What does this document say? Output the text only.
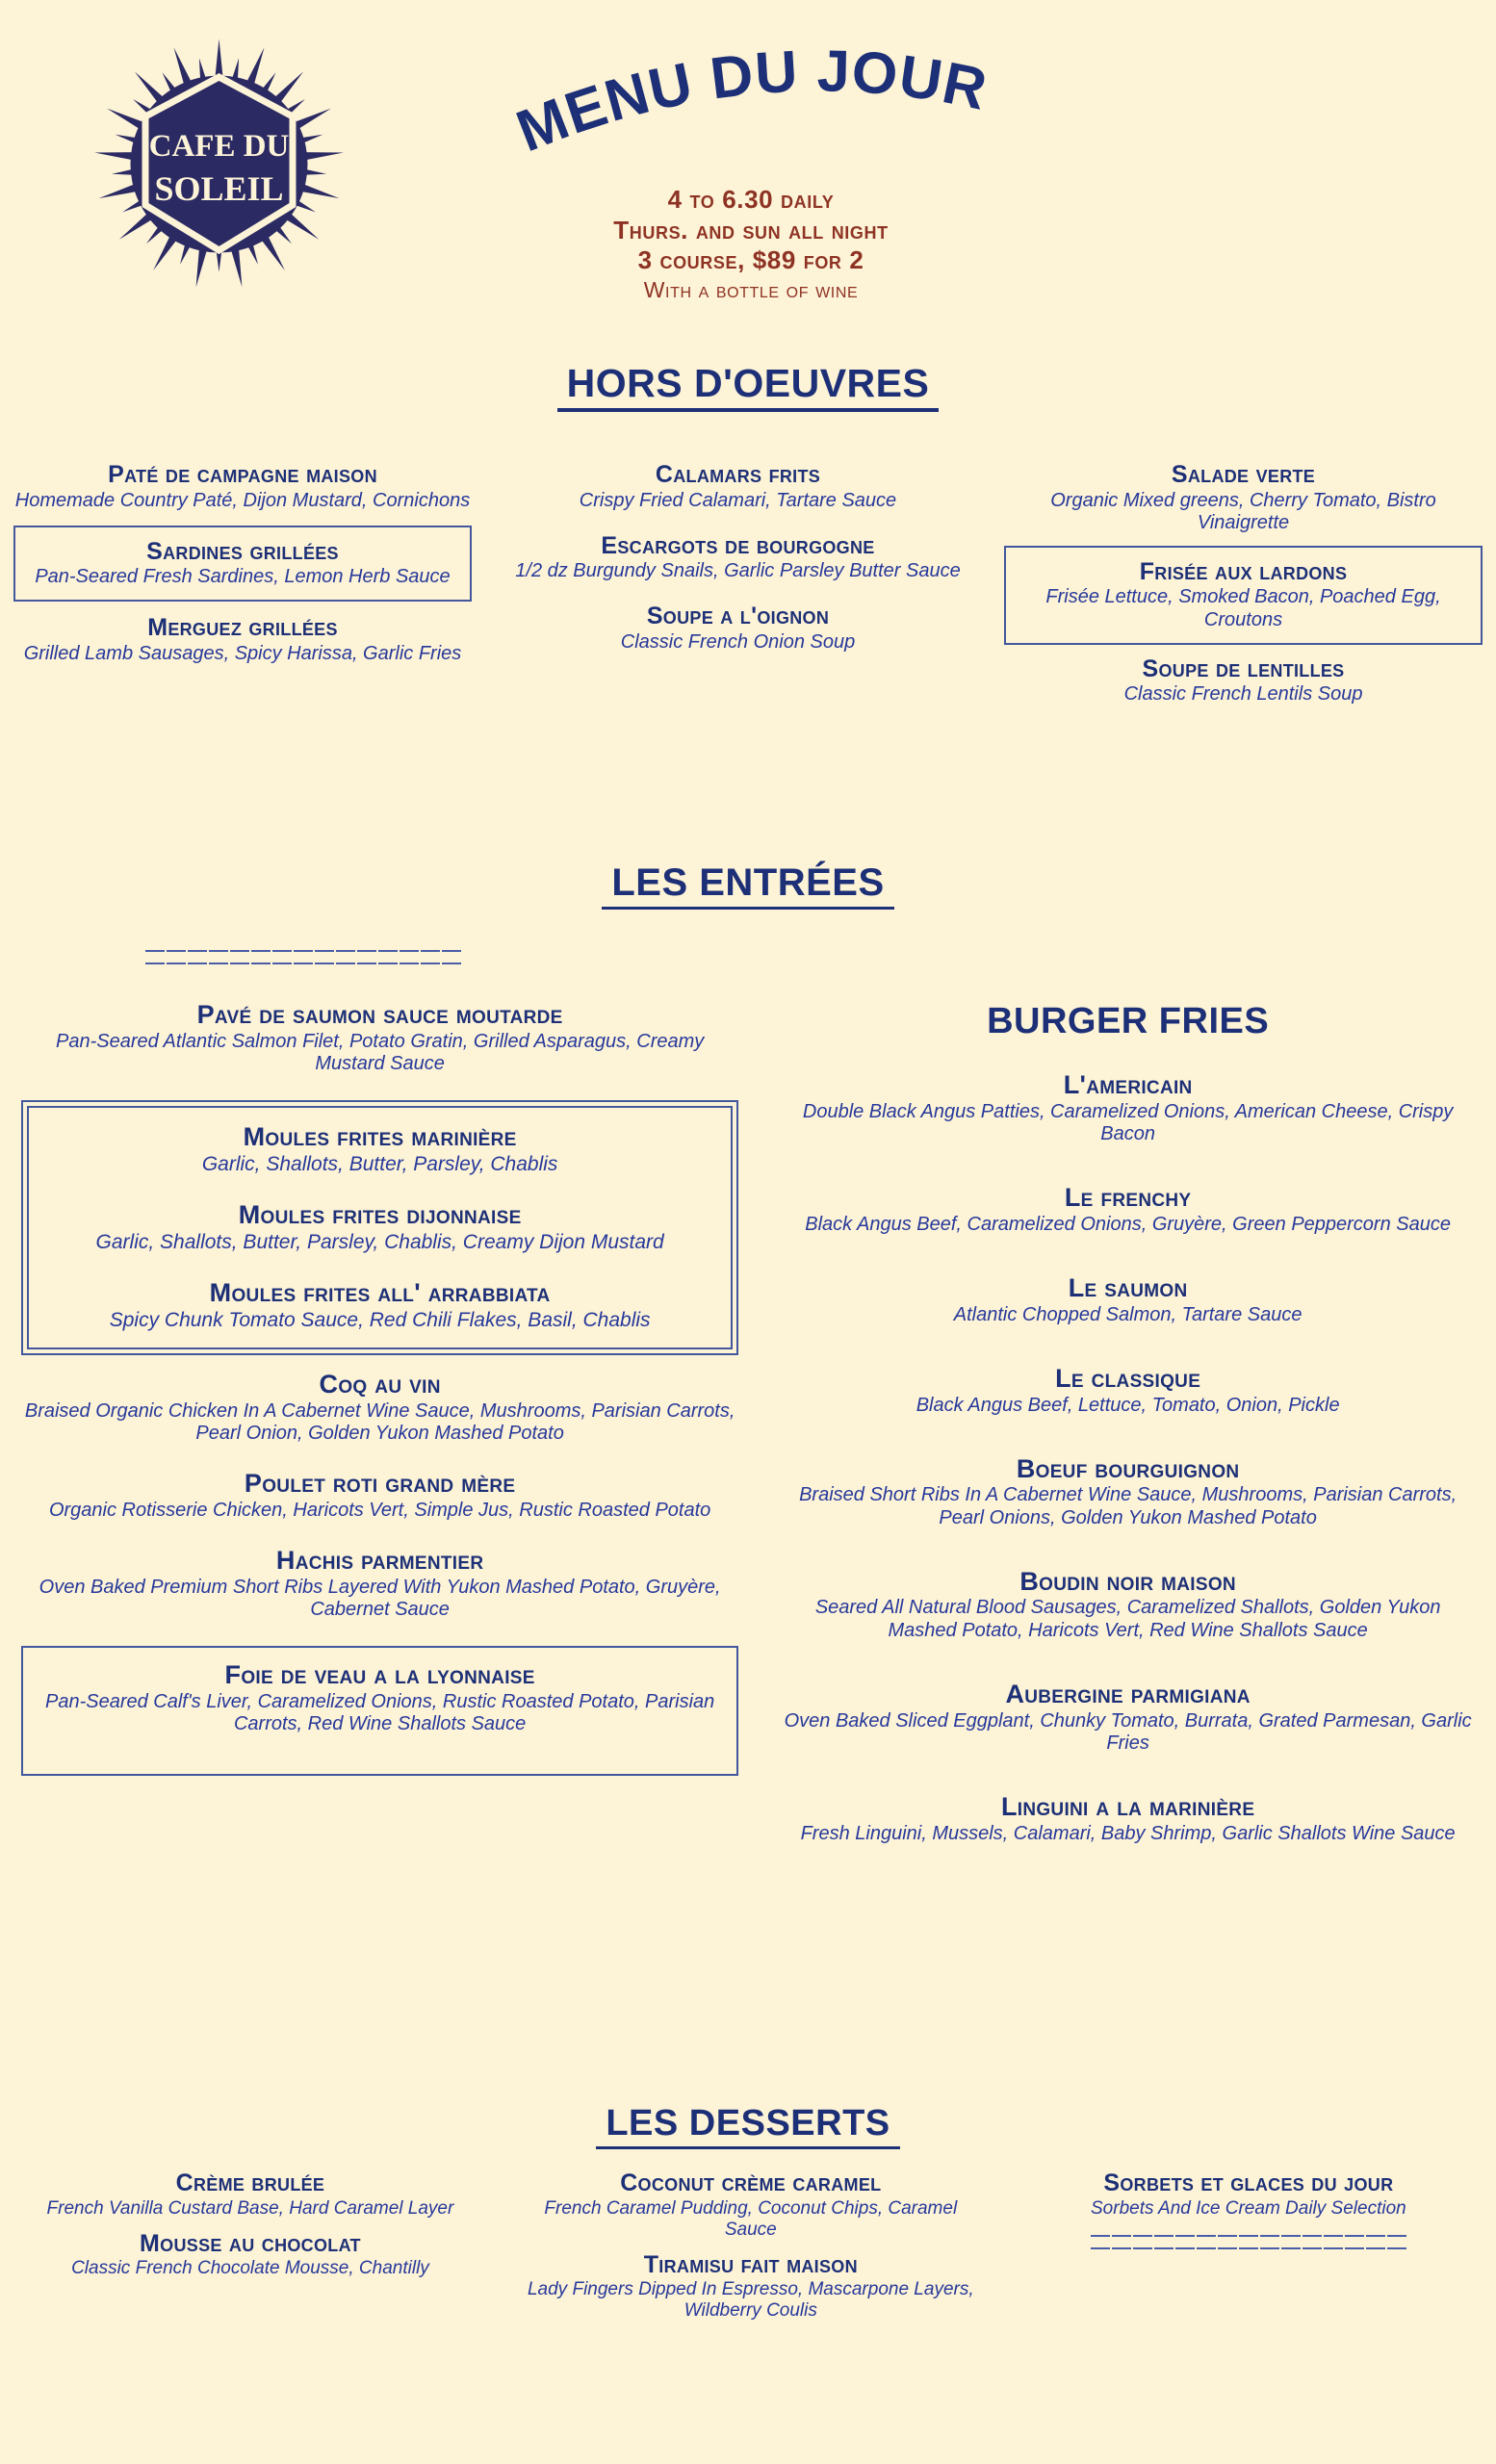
CAFE DU
SOLEIL
MENU DU JOUR
4 to 6.30 daily
Thurs. and sun all night
3 course, $89 for 2
With a bottle of wine
HORS D'OEUVRES
Paté de campagne maison
Homemade Country Paté, Dijon Mustard, Cornichons
Sardines grillées
Pan-Seared Fresh Sardines, Lemon Herb Sauce
Merguez grillées
Grilled Lamb Sausages, Spicy Harissa, Garlic Fries
Calamars frits
Crispy Fried Calamari, Tartare Sauce
Escargots de bourgogne
1/2 dz Burgundy Snails, Garlic Parsley Butter Sauce
Soupe a l'oignon
Classic French Onion Soup
Salade verte
Organic Mixed greens, Cherry Tomato, Bistro Vinaigrette
Frisée aux lardons
Frisée Lettuce, Smoked Bacon, Poached Egg, Croutons
Soupe de lentilles
Classic French Lentils Soup
LES ENTRÉES
Pavé de saumon sauce moutarde
Pan-Seared Atlantic Salmon Filet, Potato Gratin, Grilled Asparagus, Creamy Mustard Sauce
Moules frites marinière
Garlic, Shallots, Butter, Parsley, Chablis
Moules frites dijonnaise
Garlic, Shallots, Butter, Parsley, Chablis, Creamy Dijon Mustard
Moules frites all' arrabbiata
Spicy Chunk Tomato Sauce, Red Chili Flakes, Basil, Chablis
Coq au vin
Braised Organic Chicken In A Cabernet Wine Sauce, Mushrooms, Parisian Carrots, Pearl Onion, Golden Yukon Mashed Potato
Poulet roti grand mère
Organic Rotisserie Chicken, Haricots Vert, Simple Jus, Rustic Roasted Potato
Hachis parmentier
Oven Baked Premium Short Ribs Layered With Yukon Mashed Potato, Gruyère, Cabernet Sauce
Foie de veau a la lyonnaise
Pan-Seared Calf's Liver, Caramelized Onions, Rustic Roasted Potato, Parisian Carrots, Red Wine Shallots Sauce
BURGER FRIES
L'americain
Double Black Angus Patties, Caramelized Onions, American Cheese, Crispy Bacon
Le frenchy
Black Angus Beef, Caramelized Onions, Gruyère, Green Peppercorn Sauce
Le saumon
Atlantic Chopped Salmon, Tartare Sauce
Le classique
Black Angus Beef, Lettuce, Tomato, Onion, Pickle
Boeuf bourguignon
Braised Short Ribs In A Cabernet Wine Sauce, Mushrooms, Parisian Carrots, Pearl Onions, Golden Yukon Mashed Potato
Boudin noir maison
Seared All Natural Blood Sausages, Caramelized Shallots, Golden Yukon Mashed Potato, Haricots Vert, Red Wine Shallots Sauce
Aubergine parmigiana
Oven Baked Sliced Eggplant, Chunky Tomato, Burrata, Grated Parmesan, Garlic Fries
Linguini a la marinière
Fresh Linguini, Mussels, Calamari, Baby Shrimp, Garlic Shallots Wine Sauce
LES DESSERTS
Crème brulée
French Vanilla Custard Base, Hard Caramel Layer
Mousse au chocolat
Classic French Chocolate Mousse, Chantilly
Coconut crème caramel
French Caramel Pudding, Coconut Chips, Caramel Sauce
Tiramisu fait maison
Lady Fingers Dipped In Espresso, Mascarpone Layers, Wildberry Coulis
Sorbets et glaces du jour
Sorbets And Ice Cream Daily Selection
